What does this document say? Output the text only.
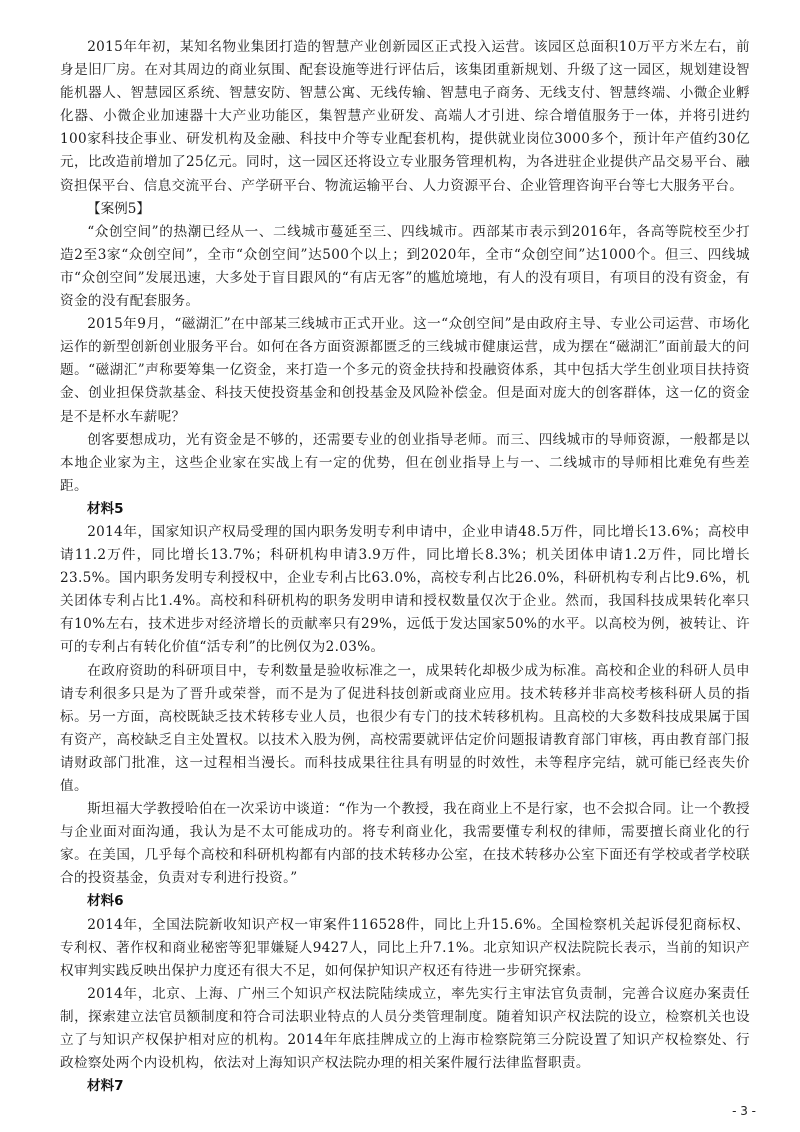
2015年年初，某知名物业集团打造的智慧产业创新园区正式投入运营。该园区总面积10万平方米左右，前身是旧厂房。在对其周边的商业氛围、配套设施等进行评估后，该集团重新规划、升级了这一园区，规划建设智能机器人、智慧园区系统、智慧安防、智慧公寓、无线传输、智慧电子商务、无线支付、智慧终端、小微企业孵化器、小微企业加速器十大产业功能区，集智慧产业研发、高端人才引进、综合增值服务于一体，并将引进约100家科技企事业、研发机构及金融、科技中介等专业配套机构，提供就业岗位3000多个，预计年产值约30亿元，比改造前增加了25亿元。同时，这一园区还将设立专业服务管理机构，为各进驻企业提供产品交易平台、融资担保平台、信息交流平台、产学研平台、物流运输平台、人力资源平台、企业管理咨询平台等七大服务平台。

【案例5】

“众创空间”的热潮已经从一、二线城市蔓延至三、四线城市。西部某市表示到2016年，各高等院校至少打造2至3家“众创空间”，全市“众创空间”达500个以上；到2020年，全市“众创空间”达1000个。但三、四线城市“众创空间”发展迅速，大多处于盲目跟风的“有店无客”的尴尬境地，有人的没有项目，有项目的没有资金，有资金的没有配套服务。

2015年9月，“磁湖汇”在中部某三线城市正式开业。这一“众创空间”是由政府主导、专业公司运营、市场化运作的新型创新创业服务平台。如何在各方面资源都匮乏的三线城市健康运营，成为摆在“磁湖汇”面前最大的问题。“磁湖汇”声称要筹集一亿资金，来打造一个多元的资金扶持和投融资体系，其中包括大学生创业项目扶持资金、创业担保贷款基金、科技天使投资基金和创投基金及风险补偿金。但是面对庞大的创客群体，这一亿的资金是不是杯水车薪呢？

创客要想成功，光有资金是不够的，还需要专业的创业指导老师。而三、四线城市的导师资源，一般都是以本地企业家为主，这些企业家在实战上有一定的优势，但在创业指导上与一、二线城市的导师相比难免有些差距。

材料5

2014年，国家知识产权局受理的国内职务发明专利申请中，企业申请48.5万件，同比增长13.6%；高校申请11.2万件，同比增长13.7%；科研机构申请3.9万件，同比增长8.3%；机关团体申请1.2万件，同比增长23.5%。国内职务发明专利授权中，企业专利占比63.0%，高校专利占比26.0%，科研机构专利占比9.6%，机关团体专利占比1.4%。高校和科研机构的职务发明申请和授权数量仅次于企业。然而，我国科技成果转化率只有10%左右，技术进步对经济增长的贡献率只有29%，远低于发达国家50%的水平。以高校为例，被转让、许可的专利占有转化价值“活专利”的比例仅为2.03%。

在政府资助的科研项目中，专利数量是验收标准之一，成果转化却极少成为标准。高校和企业的科研人员申请专利很多只是为了晋升或荣誉，而不是为了促进科技创新或商业应用。技术转移并非高校考核科研人员的指标。另一方面，高校既缺乏技术转移专业人员，也很少有专门的技术转移机构。且高校的大多数科技成果属于国有资产，高校缺乏自主处置权。以技术入股为例，高校需要就评估定价问题报请教育部门审核，再由教育部门报请财政部门批准，这一过程相当漫长。而科技成果往往具有明显的时效性，未等程序完结，就可能已经丧失价值。

斯坦福大学教授哈伯在一次采访中谈道：“作为一个教授，我在商业上不是行家，也不会拟合同。让一个教授与企业面对面沟通，我认为是不太可能成功的。将专利商业化，我需要懂专利权的律师，需要擅长商业化的行家。在美国，几乎每个高校和科研机构都有内部的技术转移办公室，在技术转移办公室下面还有学校或者学校联合的投资基金，负责对专利进行投资。”

材料6

2014年，全国法院新收知识产权一审案件116528件，同比上升15.6%。全国检察机关起诉侵犯商标权、专利权、著作权和商业秘密等犯罪嫌疑人9427人，同比上升7.1%。北京知识产权法院院长表示，当前的知识产权审判实践反映出保护力度还有很大不足，如何保护知识产权还有待进一步研究探索。

2014年，北京、上海、广州三个知识产权法院陆续成立，率先实行主审法官负责制，完善合议庭办案责任制，探索建立法官员额制度和符合司法职业特点的人员分类管理制度。随着知识产权法院的设立，检察机关也设立了与知识产权保护相对应的机构。2014年年底挂牌成立的上海市检察院第三分院设置了知识产权检察处、行政检察处两个内设机构，依法对上海知识产权法院办理的相关案件履行法律监督职责。

材料7

- 3 -
